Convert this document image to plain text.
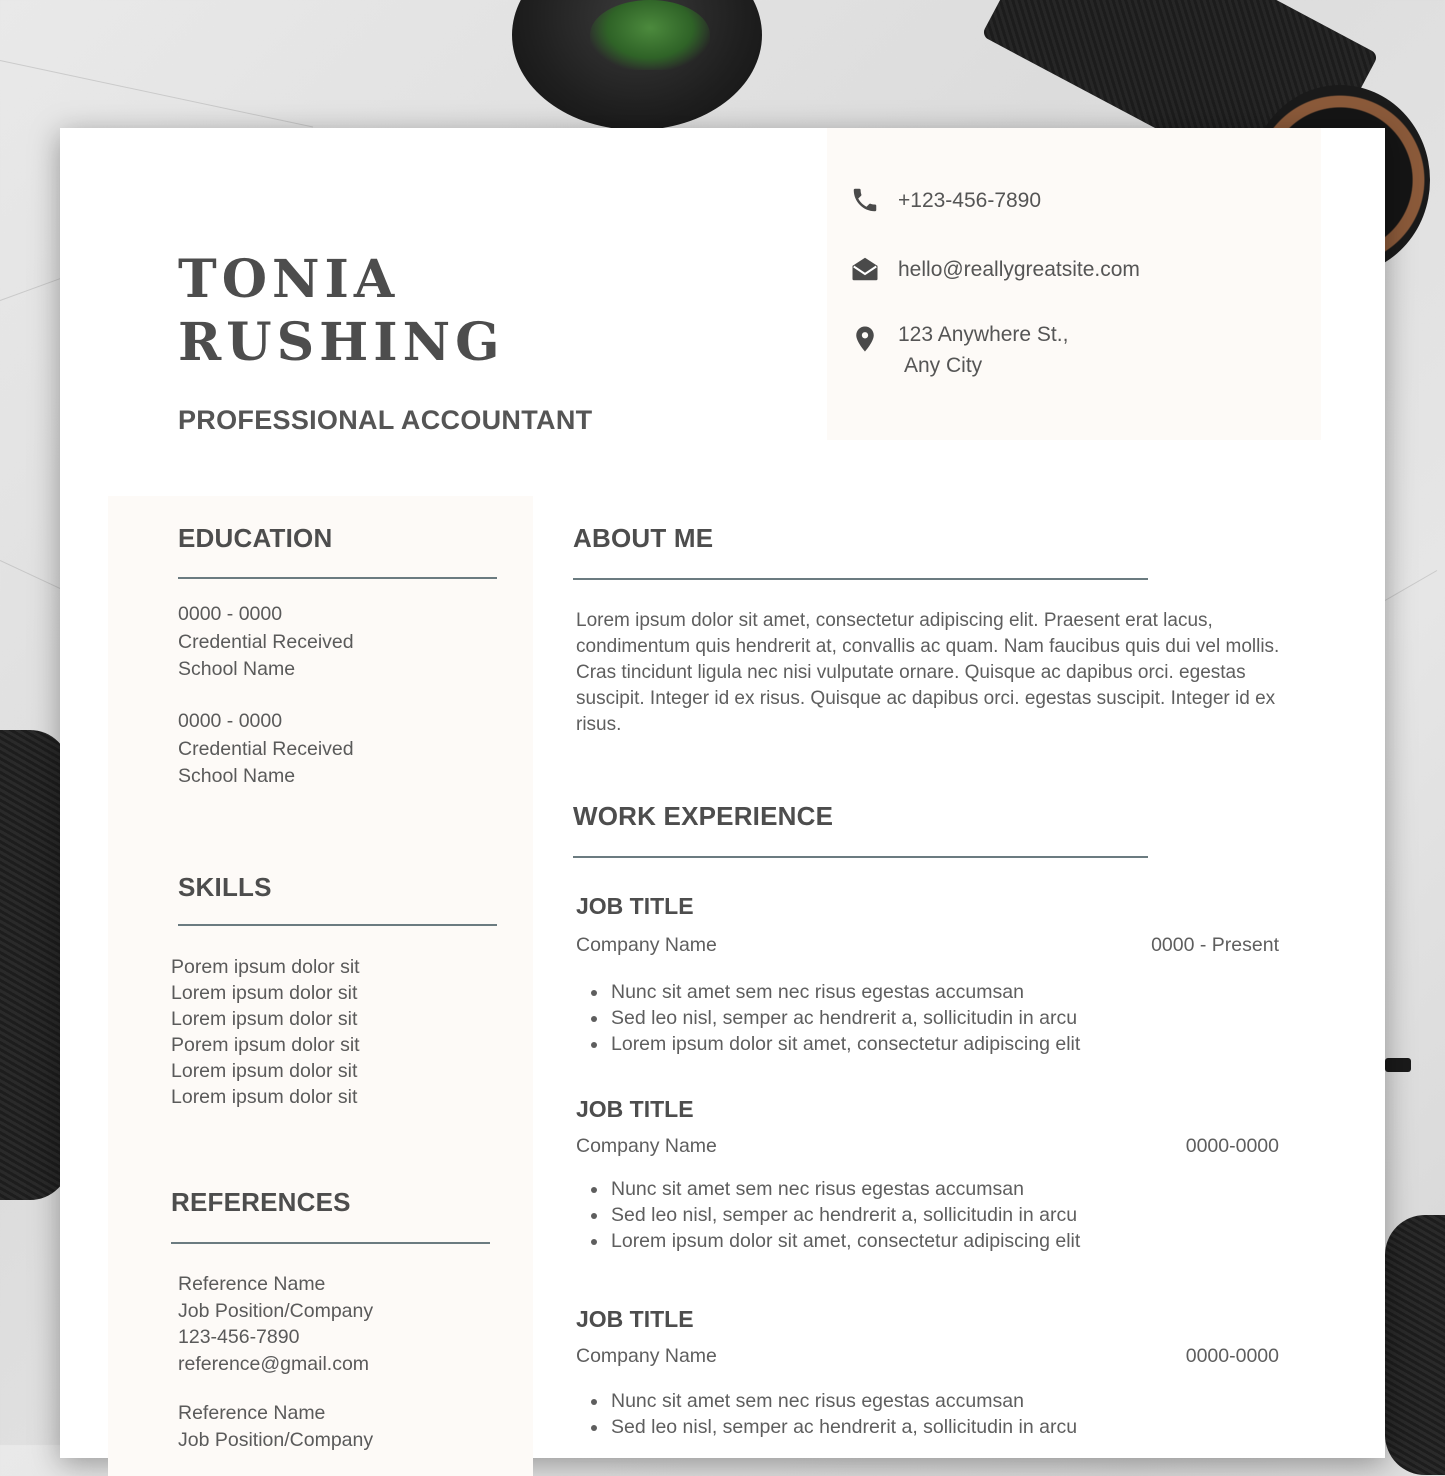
TONIA
RUSHING

PROFESSIONAL ACCOUNTANT

+123-456-7890
hello@reallygreatsite.com
123 Anywhere St.,
Any City
EDUCATION
0000 - 0000
Credential Received
School Name
0000 - 0000
Credential Received
School Name
SKILLS
Porem ipsum dolor sit
Lorem ipsum dolor sit
Lorem ipsum dolor sit
Porem ipsum dolor sit
Lorem ipsum dolor sit
Lorem ipsum dolor sit
REFERENCES
Reference Name
Job Position/Company
123-456-7890
reference@gmail.com
Reference Name
Job Position/Company
ABOUT ME

Lorem ipsum dolor sit amet, consectetur adipiscing elit. Praesent erat lacus, condimentum quis hendrerit at, convallis ac quam. Nam faucibus quis dui vel mollis. Cras tincidunt ligula nec nisi vulputate ornare. Quisque ac dapibus orci. egestas suscipit. Integer id ex risus. Quisque ac dapibus orci. egestas suscipit. Integer id ex risus.

WORK EXPERIENCE
JOB TITLE
Company Name	0000 - Present
• Nunc sit amet sem nec risus egestas accumsan
• Sed leo nisl, semper ac hendrerit a, sollicitudin in arcu
• Lorem ipsum dolor sit amet, consectetur adipiscing elit
JOB TITLE
Company Name	0000-0000
• Nunc sit amet sem nec risus egestas accumsan
• Sed leo nisl, semper ac hendrerit a, sollicitudin in arcu
• Lorem ipsum dolor sit amet, consectetur adipiscing elit
JOB TITLE
Company Name	0000-0000
• Nunc sit amet sem nec risus egestas accumsan
• Sed leo nisl, semper ac hendrerit a, sollicitudin in arcu
